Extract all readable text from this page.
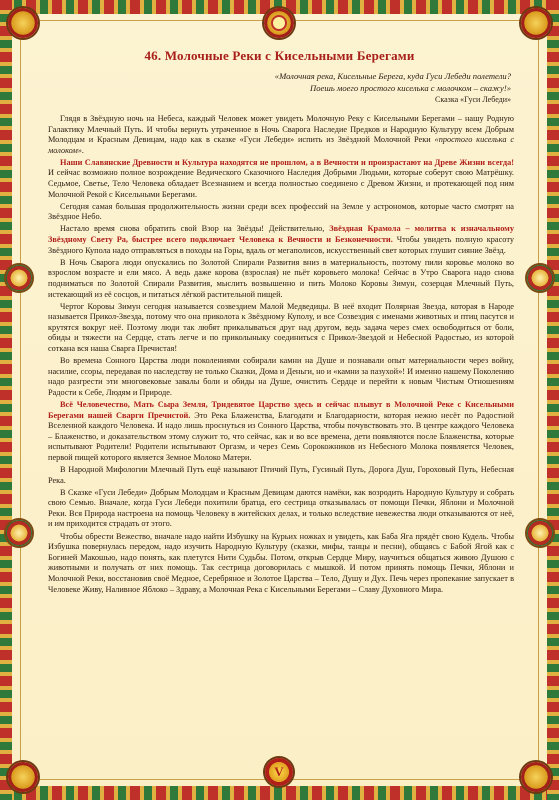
46. Молочные Реки с Кисельными Берегами
«Молочная река, Кисельные Берега, куда Гуси Лебеди полетели?
Поешь моего простого киселька с молочком – скажу!»
Сказка «Гуси Лебеди»

Глядя в Звёздную ночь на Небеса, каждый Человек может увидеть Молочную Реку с Кисельными Берегами – нашу Родную Галактику Млечный Путь. И чтобы вернуть утраченное в Ночь Сварога Наследие Предков и Народную Культуру всем Добрым Молодцам и Красным Девицам, надо как в сказке «Гуси Лебеди» испить из Звёздной Молочной Реки «простого киселька с молоком».

Наши Славянские Древности и Культура находятся не прошлом, а в Вечности и произрастают на Древе Жизни всегда! И сейчас возможно полное возрождение Ведического Сказочного Наследия Добрыми Людьми, которые соберут свою Матрёшку. Седьмое, Светье, Тело Человека обладает Всезнанием и всегда полностью соединено с Древом Жизни, и протекающей под ним Молочной Рекой с Кисельными Берегами.

Сегодня самая большая продолжительность жизни среди всех профессий на Земле у астрономов, которые часто смотрят на Звёздное Небо.

Настало время снова обратить свой Взор на Звёзды! Действительно, Звёздная Крамола – молитва к изначальному Звёздному Свету Ра, быстрее всего подключает Человека к Вечности и Безконечности. Чтобы увидеть полную красоту Звёздного Купола надо отправляться в походы на Горы, вдаль от мегаполисов, искусственный свет которых глушит сияние Звёзд.

В Ночь Сварога люди опускались по Золотой Спирали Развития вниз в материальность, поэтому пили коровье молоко во взрослом возрасте и ели мясо. А ведь даже корова (взрослая) не пьёт коровьего молока! Сейчас в Утро Сварога надо снова подниматься по Золотой Спирали Развития, мыслить возвышенно и пить Молоко Коровы Зимун, созерцая Млечный Путь, истекающий из её сосцов, и питаться лёгкой растительной пищей.

Чертог Коровы Зимун сегодня называется созвездием Малой Медведицы. В неё входит Полярная Звезда, которая в Народе называется Прикол-Звезда, потому что она приколота к Звёздному Куполу, и все Созвездия с именами животных и птиц пасутся и крутятся вокруг неё. Поэтому люди так любят прикалываться друг над другом, ведь задача через смех освободиться от боли, обиды и тяжести на Сердце, стать легче и по приколыныку соединиться с Прикол-Звездой и Небесной Радостью, из которой соткана вся наша Сварга Пречистая!

Во времена Сонного Царства люди поколениями собирали камни на Душе и познавали опыт материальности через войну, насилие, ссоры, передавая по наследству не только Сказки, Дома и Деньги, но и «камни за пазухой»! И именно нашему Поколению надо разгрести эти многовековые завалы боли и обиды на Душе, очистить Сердце и перейти к новым Чистым Отношениям Радости к Себе, Людям и Природе.

Всё Человечество, Мать Сыра Земля, Тридевятое Царство здесь и сейчас плывут в Молочной Реке с Кисельными Берегами нашей Сварги Пречистой. Это Река Блаженства, Благодати и Благодарности, которая нежно несёт по Радостной Вселенной каждого Человека. И надо лишь проснуться из Сонного Царства, чтобы почувствовать это. В центре каждого Человека – Блаженство, и доказательством этому служит то, что сейчас, как и во все времена, дети появляются после Блаженства, которые испытывают Родители! Родители испытывают Оргазм, и через Семь Сорокожников из Небесного Молока появляется Человек, первой пищей которого является Земное Молоко Матери.

В Народной Мифологии Млечный Путь ещё называют Птичий Путь, Гусиный Путь, Дорога Душ, Гороховый Путь, Небесная Река.

В Сказке «Гуси Лебеди» Добрым Молодцам и Красным Девицам даются намёки, как возродить Народную Культуру и собрать свою Семью. Вначале, когда Гуси Лебеди похитили братца, его сестрица отказывалась от помощи Печки, Яблони и Молочной Реки. Вся Природа настроена на помощь Человеку в житейских делах, и только вследствие невежества люди отказываются от неё, и им приходится страдать от этого.

Чтобы обрести Вежество, вначале надо найти Избушку на Курьих ножках и увидеть, как Баба Яга прядёт свою Кудель. Чтобы Избушка повернулась передом, надо изучить Народную Культуру (сказки, мифы, танцы и песни), общаясь с Бабой Ягой как с Богиней Макошью, надо понять, как плетутся Нити Судьбы. Потом, открыв Сердце Миру, научиться общаться живою Душою с животными и получать от них помощь. Так сестрица договорилась с мышкой. И потом принять помощь Печки, Яблони и Молочной Реки, восстановив своё Медное, Серебряное и Золотое Царства – Тело, Душу и Дух. Печь через пропекание запускает в Человеке Живу, Наливное Яблоко – Здраву, а Молочная Река с Кисельными Берегами – Славу Духовного Мира.

V
